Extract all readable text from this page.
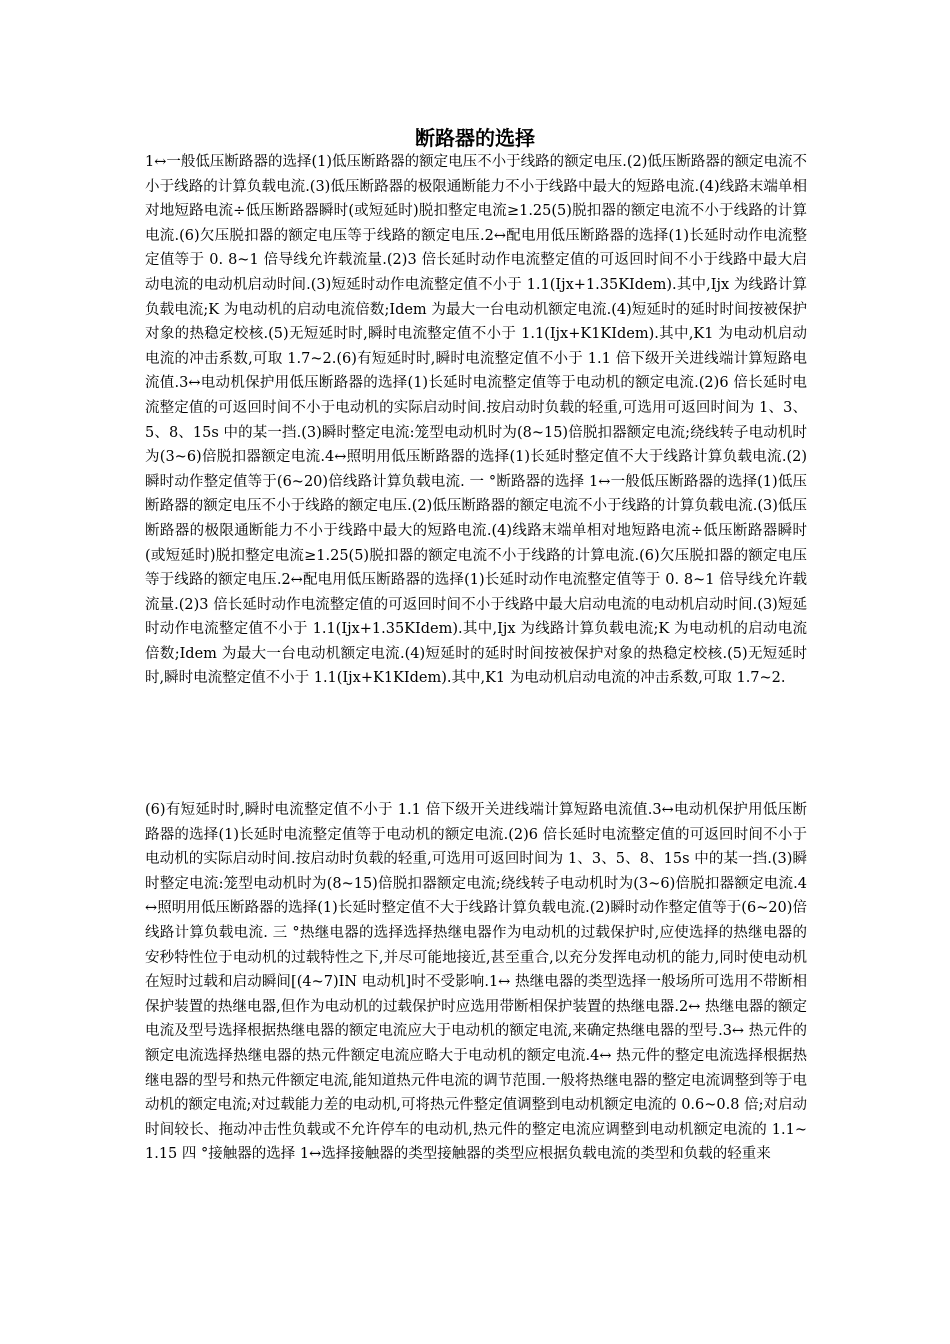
断路器的选择
1↔一般低压断路器的选择(1)低压断路器的额定电压不小于线路的额定电压.(2)低压断路器的额定电流不小于线路的计算负载电流.(3)低压断路器的极限通断能力不小于线路中最大的短路电流.(4)线路末端单相对地短路电流÷低压断路器瞬时(或短延时)脱扣整定电流≥1.25(5)脱扣器的额定电流不小于线路的计算电流.(6)欠压脱扣器的额定电压等于线路的额定电压.2↔配电用低压断路器的选择(1)长延时动作电流整定值等于 0. 8~1 倍导线允许载流量.(2)3 倍长延时动作电流整定值的可返回时间不小于线路中最大启动电流的电动机启动时间.(3)短延时动作电流整定值不小于 1.1(Ijx+1.35KIdem).其中,Ijx 为线路计算负载电流;K 为电动机的启动电流倍数;Idem 为最大一台电动机额定电流.(4)短延时的延时时间按被保护对象的热稳定校核.(5)无短延时时,瞬时电流整定值不小于 1.1(Ijx+K1KIdem).其中,K1 为电动机启动电流的冲击系数,可取 1.7~2.(6)有短延时时,瞬时电流整定值不小于 1.1 倍下级开关进线端计算短路电流值.3↔电动机保护用低压断路器的选择(1)长延时电流整定值等于电动机的额定电流.(2)6 倍长延时电流整定值的可返回时间不小于电动机的实际启动时间.按启动时负载的轻重,可选用可返回时间为 1、3、5、8、15s 中的某一挡.(3)瞬时整定电流:笼型电动机时为(8~15)倍脱扣器额定电流;绕线转子电动机时为(3~6)倍脱扣器额定电流.4↔照明用低压断路器的选择(1)长延时整定值不大于线路计算负载电流.(2)瞬时动作整定值等于(6~20)倍线路计算负载电流. 一 °断路器的选择 1↔一般低压断路器的选择(1)低压断路器的额定电压不小于线路的额定电压.(2)低压断路器的额定电流不小于线路的计算负载电流.(3)低压断路器的极限通断能力不小于线路中最大的短路电流.(4)线路末端单相对地短路电流÷低压断路器瞬时(或短延时)脱扣整定电流≥1.25(5)脱扣器的额定电流不小于线路的计算电流.(6)欠压脱扣器的额定电压等于线路的额定电压.2↔配电用低压断路器的选择(1)长延时动作电流整定值等于 0. 8~1 倍导线允许载流量.(2)3 倍长延时动作电流整定值的可返回时间不小于线路中最大启动电流的电动机启动时间.(3)短延时动作电流整定值不小于 1.1(Ijx+1.35KIdem).其中,Ijx 为线路计算负载电流;K 为电动机的启动电流倍数;Idem 为最大一台电动机额定电流.(4)短延时的延时时间按被保护对象的热稳定校核.(5)无短延时时,瞬时电流整定值不小于 1.1(Ijx+K1KIdem).其中,K1 为电动机启动电流的冲击系数,可取 1.7~2.
(6)有短延时时,瞬时电流整定值不小于 1.1 倍下级开关进线端计算短路电流值.3↔电动机保护用低压断路器的选择(1)长延时电流整定值等于电动机的额定电流.(2)6 倍长延时电流整定值的可返回时间不小于电动机的实际启动时间.按启动时负载的轻重,可选用可返回时间为 1、3、5、8、15s 中的某一挡.(3)瞬时整定电流:笼型电动机时为(8~15)倍脱扣器额定电流;绕线转子电动机时为(3~6)倍脱扣器额定电流.4↔照明用低压断路器的选择(1)长延时整定值不大于线路计算负载电流.(2)瞬时动作整定值等于(6~20)倍线路计算负载电流. 三 °热继电器的选择选择热继电器作为电动机的过载保护时,应使选择的热继电器的安秒特性位于电动机的过载特性之下,并尽可能地接近,甚至重合,以充分发挥电动机的能力,同时使电动机在短时过载和启动瞬间[(4~7)IN 电动机]时不受影响.1↔ 热继电器的类型选择一般场所可选用不带断相保护装置的热继电器,但作为电动机的过载保护时应选用带断相保护装置的热继电器.2↔ 热继电器的额定电流及型号选择根据热继电器的额定电流应大于电动机的额定电流,来确定热继电器的型号.3↔ 热元件的额定电流选择热继电器的热元件额定电流应略大于电动机的额定电流.4↔ 热元件的整定电流选择根据热继电器的型号和热元件额定电流,能知道热元件电流的调节范围.一般将热继电器的整定电流调整到等于电动机的额定电流;对过载能力差的电动机,可将热元件整定值调整到电动机额定电流的 0.6~0.8 倍;对启动时间较长、拖动冲击性负载或不允许停车的电动机,热元件的整定电流应调整到电动机额定电流的 1.1~1.15 四 °接触器的选择 1↔选择接触器的类型接触器的类型应根据负载电流的类型和负载的轻重来
